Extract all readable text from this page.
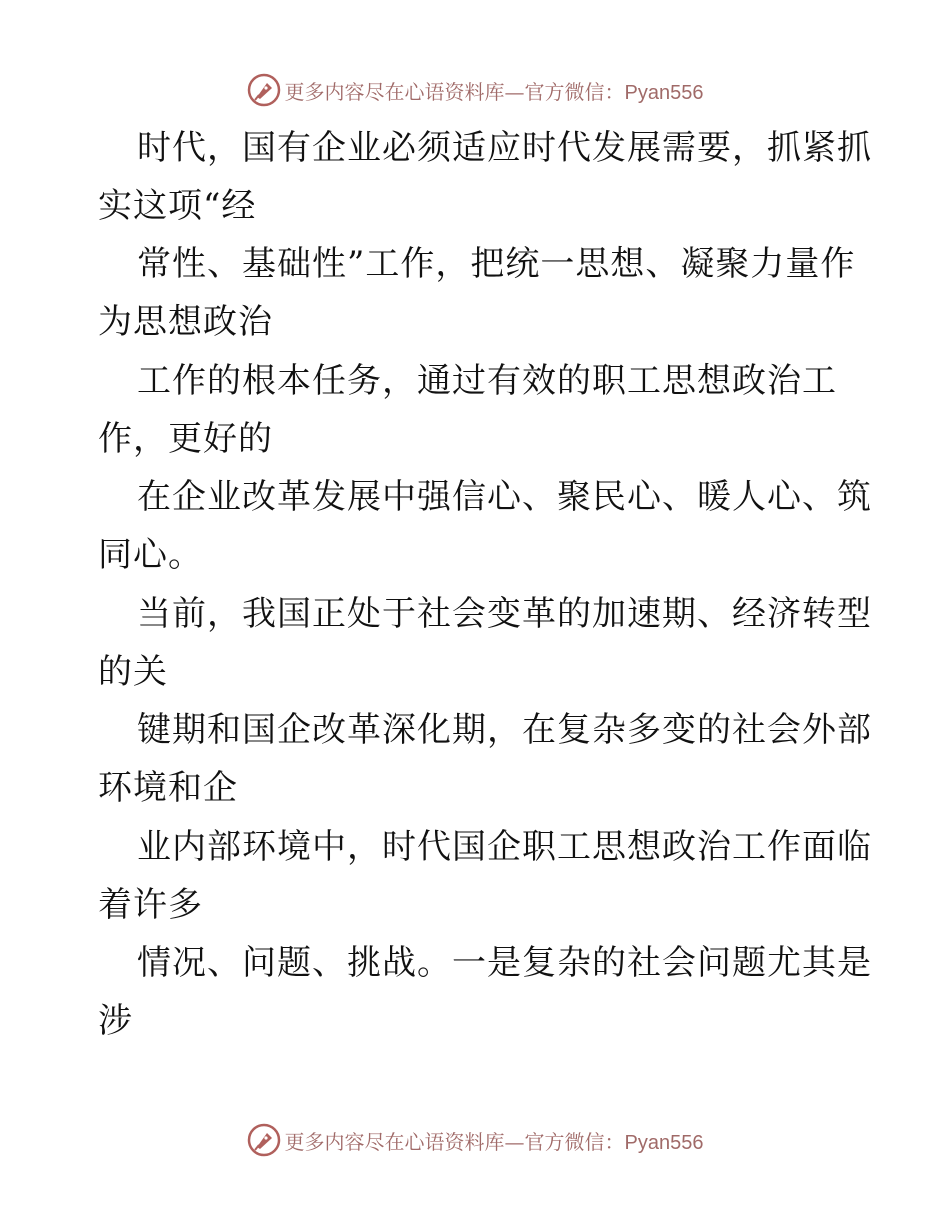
更多内容尽在心语资料库—官方微信：Pyan556
时代，国有企业必须适应时代发展需要，抓紧抓
实这项“经
常性、基础性”工作，把统一思想、凝聚力量作
为思想政治
工作的根本任务，通过有效的职工思想政治工
作，更好的
在企业改革发展中强信心、聚民心、暖人心、筑
同心。
当前，我国正处于社会变革的加速期、经济转型
的关
键期和国企改革深化期，在复杂多变的社会外部
环境和企
业内部环境中，时代国企职工思想政治工作面临
着许多
情况、问题、挑战。一是复杂的社会问题尤其是
涉
更多内容尽在心语资料库—官方微信：Pyan556
